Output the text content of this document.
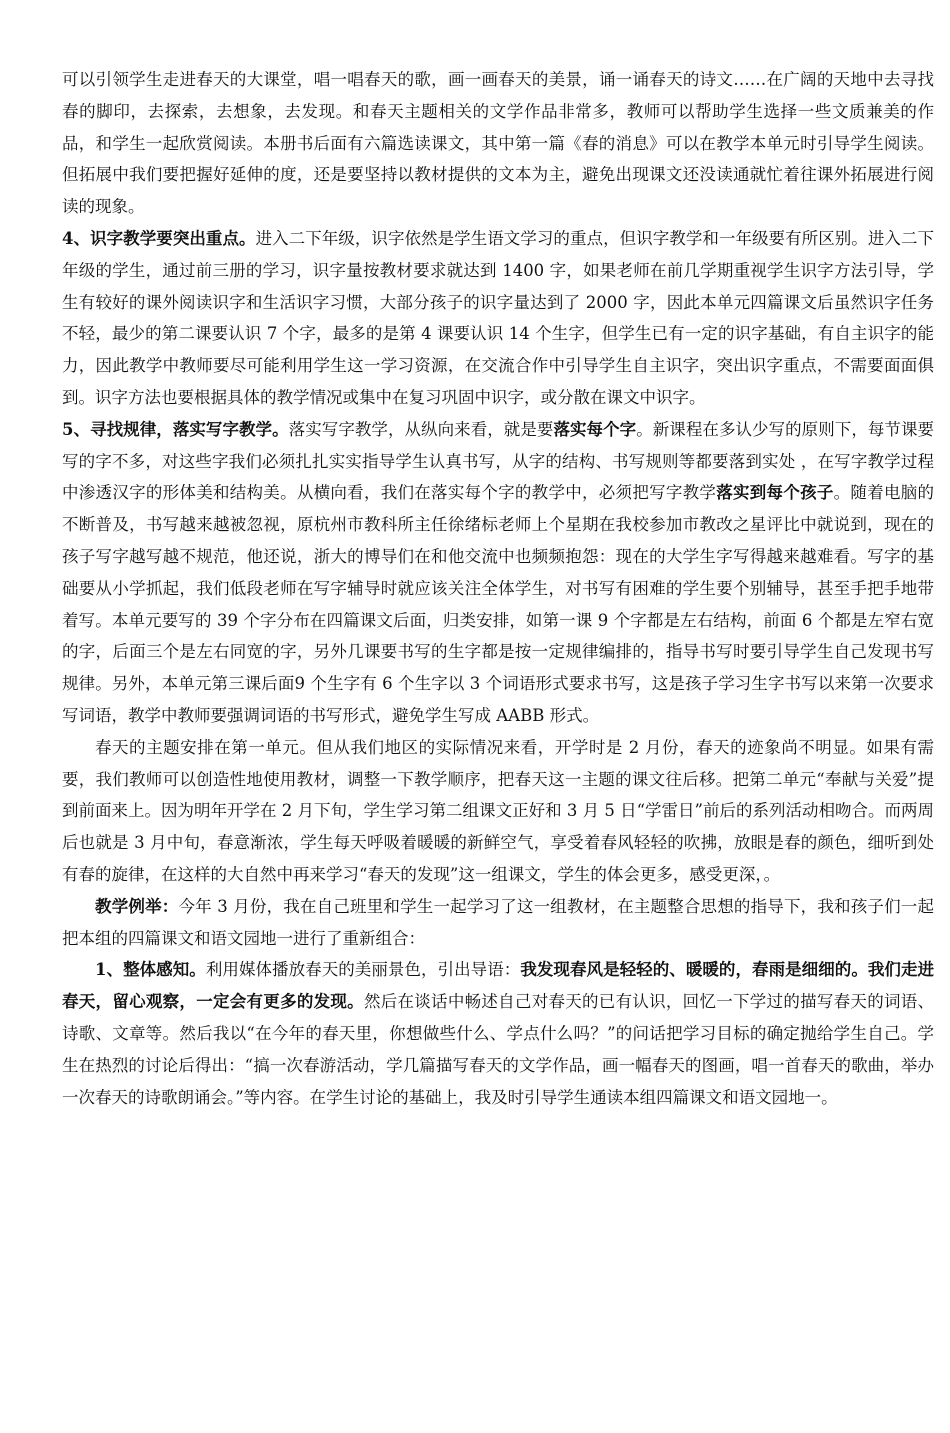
可以引领学生走进春天的大课堂，唱一唱春天的歌，画一画春天的美景，诵一诵春天的诗文……在广阔的天地中去寻找春的脚印，去探索，去想象，去发现。和春天主题相关的文学作品非常多，教师可以帮助学生选择一些文质兼美的作品，和学生一起欣赏阅读。本册书后面有六篇选读课文，其中第一篇《春的消息》可以在教学本单元时引导学生阅读。但拓展中我们要把握好延伸的度，还是要坚持以教材提供的文本为主，避免出现课文还没读通就忙着往课外拓展进行阅读的现象。

4、识字教学要突出重点。进入二下年级，识字依然是学生语文学习的重点，但识字教学和一年级要有所区别。进入二下年级的学生，通过前三册的学习，识字量按教材要求就达到 1400 字，如果老师在前几学期重视学生识字方法引导，学生有较好的课外阅读识字和生活识字习惯，大部分孩子的识字量达到了 2000 字，因此本单元四篇课文后虽然识字任务不轻，最少的第二课要认识 7 个字，最多的是第 4 课要认识 14 个生字，但学生已有一定的识字基础，有自主识字的能力，因此教学中教师要尽可能利用学生这一学习资源，在交流合作中引导学生自主识字，突出识字重点，不需要面面俱到。识字方法也要根据具体的教学情况或集中在复习巩固中识字，或分散在课文中识字。

5、寻找规律，落实写字教学。落实写字教学，从纵向来看，就是要落实每个字。新课程在多认少写的原则下，每节课要写的字不多，对这些字我们必须扎扎实实指导学生认真书写，从字的结构、书写规则等都要落到实处 ，在写字教学过程中渗透汉字的形体美和结构美。从横向看，我们在落实每个字的教学中，必须把写字教学落实到每个孩子。随着电脑的不断普及，书写越来越被忽视，原杭州市教科所主任徐绪标老师上个星期在我校参加市教改之星评比中就说到，现在的孩子写字越写越不规范，他还说，浙大的博导们在和他交流中也频频抱怨：现在的大学生字写得越来越难看。写字的基础要从小学抓起，我们低段老师在写字辅导时就应该关注全体学生，对书写有困难的学生要个别辅导，甚至手把手地带着写。本单元要写的 39 个字分布在四篇课文后面，归类安排，如第一课 9 个字都是左右结构，前面 6 个都是左窄右宽的字，后面三个是左右同宽的字，另外几课要书写的生字都是按一定规律编排的，指导书写时要引导学生自己发现书写规律。另外，本单元第三课后面9 个生字有 6 个生字以 3 个词语形式要求书写，这是孩子学习生字书写以来第一次要求写词语，教学中教师要强调词语的书写形式，避免学生写成 AABB 形式。

春天的主题安排在第一单元。但从我们地区的实际情况来看，开学时是 2 月份，春天的迹象尚不明显。如果有需要，我们教师可以创造性地使用教材，调整一下教学顺序，把春天这一主题的课文往后移。把第二单元“奉献与关爱”提到前面来上。因为明年开学在 2 月下旬，学生学习第二组课文正好和 3 月 5 日“学雷日”前后的系列活动相吻合。而两周后也就是 3 月中旬，春意渐浓，学生每天呼吸着暖暖的新鲜空气，享受着春风轻轻的吹拂，放眼是春的颜色，细听到处有春的旋律，在这样的大自然中再来学习“春天的发现”这一组课文，学生的体会更多，感受更深，。

教学例举：今年 3 月份，我在自己班里和学生一起学习了这一组教材，在主题整合思想的指导下，我和孩子们一起把本组的四篇课文和语文园地一进行了重新组合：

1、整体感知。利用媒体播放春天的美丽景色，引出导语：我发现春风是轻轻的、暖暖的，春雨是细细的。我们走进春天，留心观察，一定会有更多的发现。然后在谈话中畅述自己对春天的已有认识，回忆一下学过的描写春天的词语、诗歌、文章等。然后我以“在今年的春天里，你想做些什么、学点什么吗？”的问话把学习目标的确定抛给学生自己。学生在热烈的讨论后得出：“搞一次春游活动，学几篇描写春天的文学作品，画一幅春天的图画，唱一首春天的歌曲，举办一次春天的诗歌朗诵会。”等内容。在学生讨论的基础上，我及时引导学生通读本组四篇课文和语文园地一。
